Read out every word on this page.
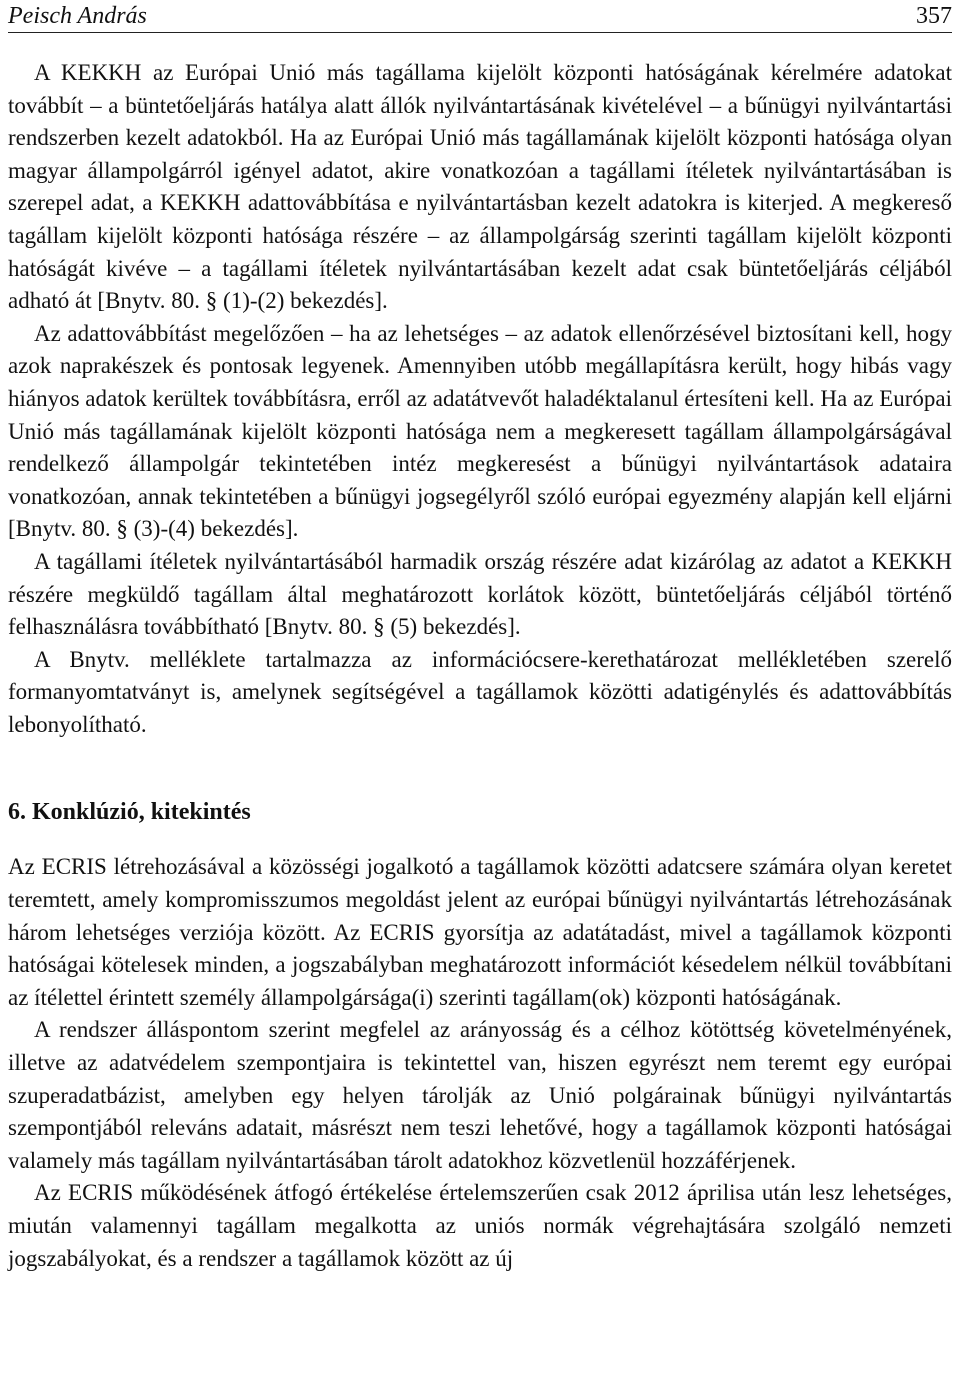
Peisch András	357

A KEKKH az Európai Unió más tagállama kijelölt központi hatóságának kérelmére adatokat továbbít – a büntetőeljárás hatálya alatt állók nyilvántartásának kivételével – a bűnügyi nyilvántartási rendszerben kezelt adatokból. Ha az Európai Unió más tagállamának kijelölt központi hatósága olyan magyar állampolgárról igényel adatot, akire vonatkozóan a tagállami ítéletek nyilvántartásában is szerepel adat, a KEKKH adattovábbítása e nyilvántartásban kezelt adatokra is kiterjed. A megkereső tagállam kijelölt központi hatósága részére – az állampolgárság szerinti tagállam kijelölt központi hatóságát kivéve – a tagállami ítéletek nyilvántartásában kezelt adat csak büntetőeljárás céljából adható át [Bnytv. 80. § (1)-(2) bekezdés].

Az adattovábbítást megelőzően – ha az lehetséges – az adatok ellenőrzésével biztosítani kell, hogy azok naprakészek és pontosak legyenek. Amennyiben utóbb megállapításra került, hogy hibás vagy hiányos adatok kerültek továbbításra, erről az adatátvevőt haladéktalanul értesíteni kell. Ha az Európai Unió más tagállamának kijelölt központi hatósága nem a megkeresett tagállam állampolgárságával rendelkező állampolgár tekintetében intéz megkeresést a bűnügyi nyilvántartások adataira vonatkozóan, annak tekintetében a bűnügyi jogsegélyről szóló európai egyezmény alapján kell eljárni [Bnytv. 80. § (3)-(4) bekezdés].

A tagállami ítéletek nyilvántartásából harmadik ország részére adat kizárólag az adatot a KEKKH részére megküldő tagállam által meghatározott korlátok között, büntetőeljárás céljából történő felhasználásra továbbítható [Bnytv. 80. § (5) bekezdés].

A Bnytv. melléklete tartalmazza az információcsere-kerethatározat mellékletében szerelő formanyomtatványt is, amelynek segítségével a tagállamok közötti adatigénylés és adattovábbítás lebonyolítható.

6. Konklúzió, kitekintés

Az ECRIS létrehozásával a közösségi jogalkotó a tagállamok közötti adatcsere számára olyan keretet teremtett, amely kompromisszumos megoldást jelent az európai bűnügyi nyilvántartás létrehozásának három lehetséges verziója között. Az ECRIS gyorsítja az adatátadást, mivel a tagállamok központi hatóságai kötelesek minden, a jogszabályban meghatározott információt késedelem nélkül továbbítani az ítélettel érintett személy állampolgársága(i) szerinti tagállam(ok) központi hatóságának.

A rendszer álláspontom szerint megfelel az arányosság és a célhoz kötöttség követelményének, illetve az adatvédelem szempontjaira is tekintettel van, hiszen egyrészt nem teremt egy európai szuperadatbázist, amelyben egy helyen tárolják az Unió polgárainak bűnügyi nyilvántartás szempontjából releváns adatait, másrészt nem teszi lehetővé, hogy a tagállamok központi hatóságai valamely más tagállam nyilvántartásában tárolt adatokhoz közvetlenül hozzáférjenek.

Az ECRIS működésének átfogó értékelése értelemszerűen csak 2012 áprilisa után lesz lehetséges, miután valamennyi tagállam megalkotta az uniós normák végrehajtására szolgáló nemzeti jogszabályokat, és a rendszer a tagállamok között az új
